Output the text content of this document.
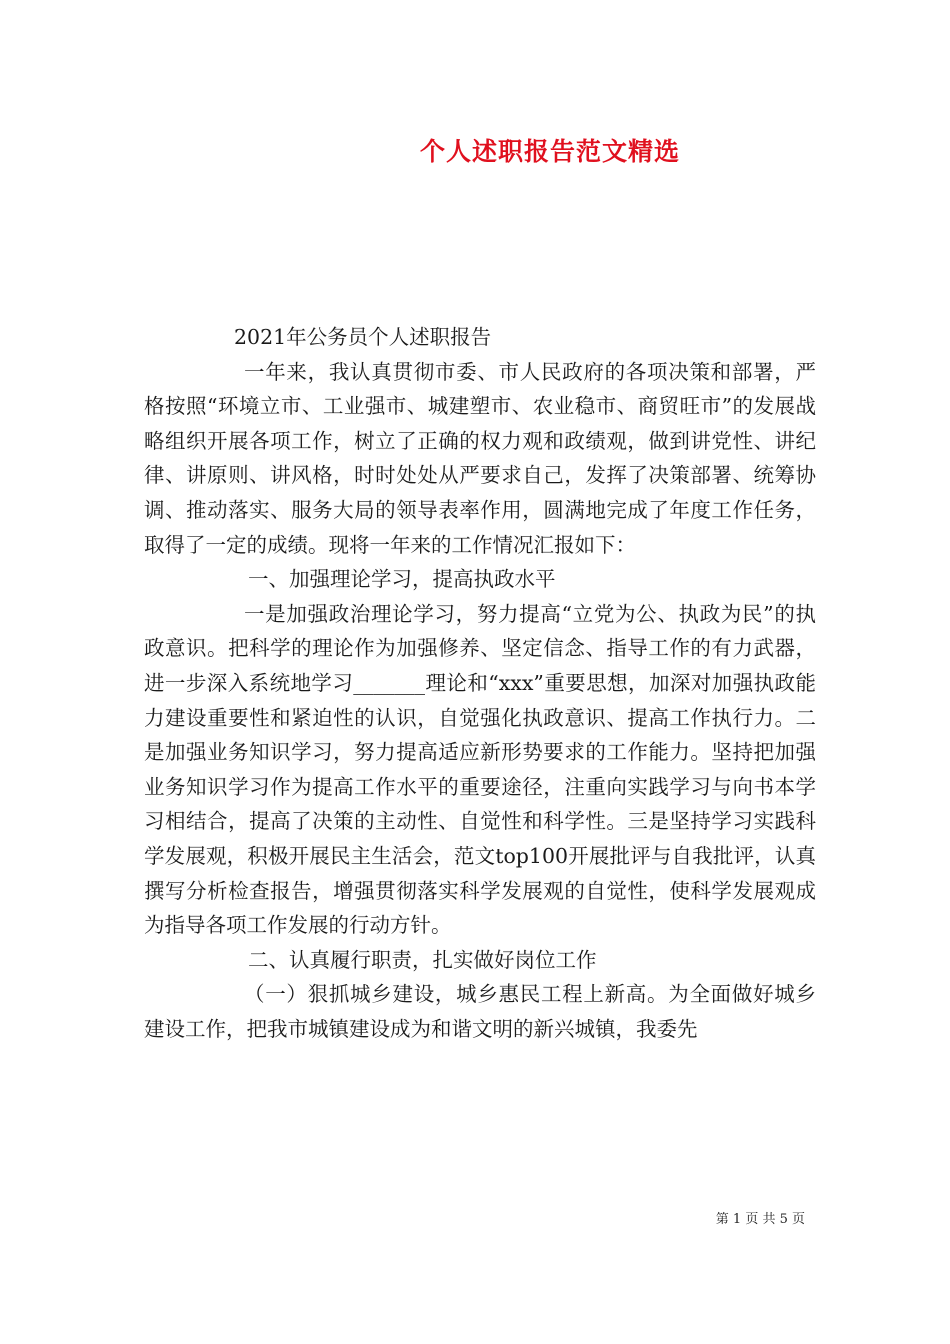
个人述职报告范文精选

2021年公务员个人述职报告

一年来，我认真贯彻市委、市人民政府的各项决策和部署，严格按照“环境立市、工业强市、城建塑市、农业稳市、商贸旺市”的发展战略组织开展各项工作，树立了正确的权力观和政绩观，做到讲党性、讲纪律、讲原则、讲风格，时时处处从严要求自己，发挥了决策部署、统筹协调、推动落实、服务大局的领导表率作用，圆满地完成了年度工作任务，取得了一定的成绩。现将一年来的工作情况汇报如下：

一、加强理论学习，提高执政水平

一是加强政治理论学习，努力提高“立党为公、执政为民”的执政意识。把科学的理论作为加强修养、坚定信念、指导工作的有力武器，进一步深入系统地学习_______理论和“xxx”重要思想，加深对加强执政能力建设重要性和紧迫性的认识，自觉强化执政意识、提高工作执行力。二是加强业务知识学习，努力提高适应新形势要求的工作能力。坚持把加强业务知识学习作为提高工作水平的重要途径，注重向实践学习与向书本学习相结合，提高了决策的主动性、自觉性和科学性。三是坚持学习实践科学发展观，积极开展民主生活会，范文top100开展批评与自我批评，认真撰写分析检查报告，增强贯彻落实科学发展观的自觉性，使科学发展观成为指导各项工作发展的行动方针。

二、认真履行职责，扎实做好岗位工作

（一）狠抓城乡建设，城乡惠民工程上新高。为全面做好城乡建设工作，把我市城镇建设成为和谐文明的新兴城镇，我委先

第 1 页 共 5 页
